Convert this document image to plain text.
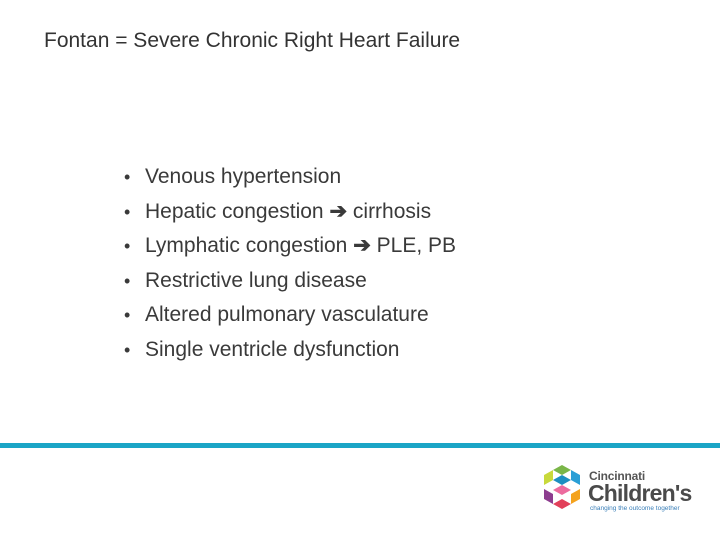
Fontan = Severe Chronic Right Heart Failure
• Venous hypertension
• Hepatic congestion ➔ cirrhosis
• Lymphatic congestion ➔ PLE, PB
• Restrictive lung disease
• Altered pulmonary vasculature
• Single ventricle dysfunction
Cincinnati
Children's
changing the outcome together
